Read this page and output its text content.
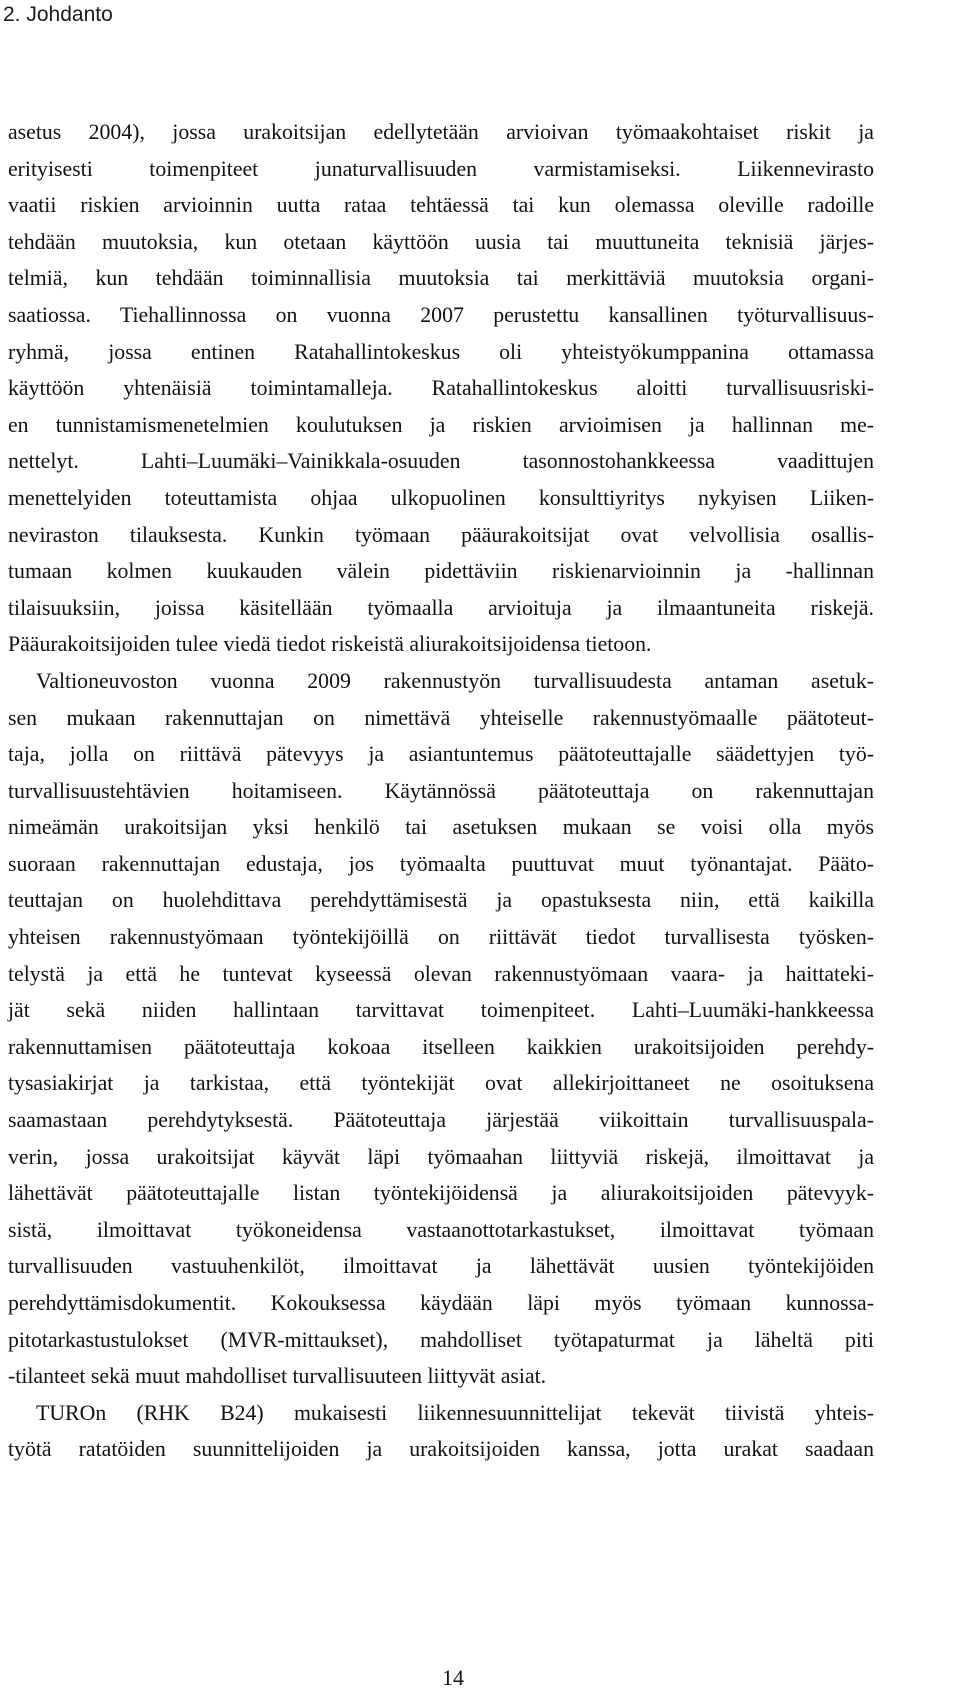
2. Johdanto
asetus 2004), jossa urakoitsijan edellytetään arvioivan työmaakohtaiset riskit ja
erityisesti toimenpiteet junaturvallisuuden varmistamiseksi. Liikennevirasto
vaatii riskien arvioinnin uutta rataa tehtäessä tai kun olemassa oleville radoille
tehdään muutoksia, kun otetaan käyttöön uusia tai muuttuneita teknisiä järjes-
telmiä, kun tehdään toiminnallisia muutoksia tai merkittäviä muutoksia organi-
saatiossa. Tiehallinnossa on vuonna 2007 perustettu kansallinen työturvallisuus-
ryhmä, jossa entinen Ratahallintokeskus oli yhteistyökumppanina ottamassa
käyttöön yhtenäisiä toimintamalleja. Ratahallintokeskus aloitti turvallisuusriski-
en tunnistamismenetelmien koulutuksen ja riskien arvioimisen ja hallinnan me-
nettelyt. Lahti–Luumäki–Vainikkala-osuuden tasonnostohankkeessa vaadittujen
menettelyiden toteuttamista ohjaa ulkopuolinen konsulttiyritys nykyisen Liiken-
neviraston tilauksesta. Kunkin työmaan pääurakoitsijat ovat velvollisia osallis-
tumaan kolmen kuukauden välein pidettäviin riskienarvioinnin ja -hallinnan
tilaisuuksiin, joissa käsitellään työmaalla arvioituja ja ilmaantuneita riskejä.
Pääurakoitsijoiden tulee viedä tiedot riskeistä aliurakoitsijoidensa tietoon.
Valtioneuvoston vuonna 2009 rakennustyön turvallisuudesta antaman asetuk-
sen mukaan rakennuttajan on nimettävä yhteiselle rakennustyömaalle päätoteut-
taja, jolla on riittävä pätevyys ja asiantuntemus päätoteuttajalle säädettyjen työ-
turvallisuustehtävien hoitamiseen. Käytännössä päätoteuttaja on rakennuttajan
nimeämän urakoitsijan yksi henkilö tai asetuksen mukaan se voisi olla myös
suoraan rakennuttajan edustaja, jos työmaalta puuttuvat muut työnantajat. Pääto-
teuttajan on huolehdittava perehdyttämisestä ja opastuksesta niin, että kaikilla
yhteisen rakennustyömaan työntekijöillä on riittävät tiedot turvallisesta työsken-
telystä ja että he tuntevat kyseessä olevan rakennustyömaan vaara- ja haittateki-
jät sekä niiden hallintaan tarvittavat toimenpiteet. Lahti–Luumäki-hankkeessa
rakennuttamisen päätoteuttaja kokoaa itselleen kaikkien urakoitsijoiden perehdy-
tysasiakirjat ja tarkistaa, että työntekijät ovat allekirjoittaneet ne osoituksena
saamastaan perehdytyksestä. Päätoteuttaja järjestää viikoittain turvallisuuspala-
verin, jossa urakoitsijat käyvät läpi työmaahan liittyviä riskejä, ilmoittavat ja
lähettävät päätoteuttajalle listan työntekijöidensä ja aliurakoitsijoiden pätevyyk-
sistä, ilmoittavat työkoneidensa vastaanottotarkastukset, ilmoittavat työmaan
turvallisuuden vastuuhenkilöt, ilmoittavat ja lähettävät uusien työntekijöiden
perehdyttämisdokumentit. Kokouksessa käydään läpi myös työmaan kunnossa-
pitotarkastustulokset (MVR-mittaukset), mahdolliset työtapaturmat ja läheltä piti
-tilanteet sekä muut mahdolliset turvallisuuteen liittyvät asiat.
TUROn (RHK B24) mukaisesti liikennesuunnittelijat tekevät tiivistä yhteis-
työtä ratatöiden suunnittelijoiden ja urakoitsijoiden kanssa, jotta urakat saadaan
14
